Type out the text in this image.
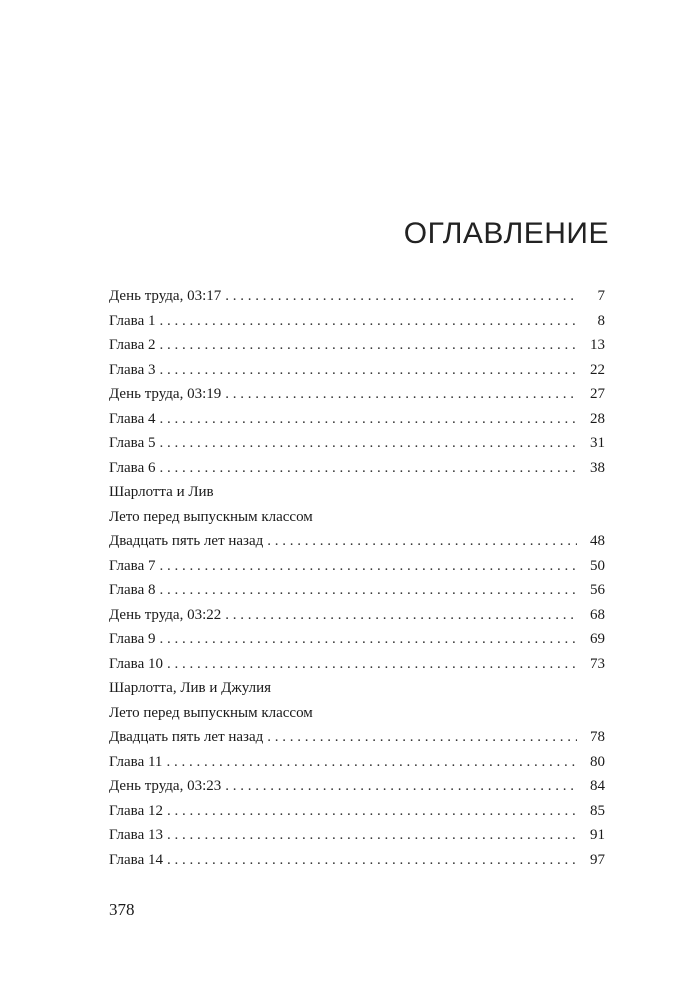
ОГЛАВЛЕНИЕ
День труда, 03:17 . . .	7
Глава 1 . . .	8
Глава 2 . . .	13
Глава 3 . . .	22
День труда, 03:19 . . .	27
Глава 4 . . .	28
Глава 5 . . .	31
Глава 6 . . .	38
Шарлотта и Лив
Лето перед выпускным классом
Двадцать пять лет назад . . .	48
Глава 7 . . .	50
Глава 8 . . .	56
День труда, 03:22 . . .	68
Глава 9 . . .	69
Глава 10 . . .	73
Шарлотта, Лив и Джулия
Лето перед выпускным классом
Двадцать пять лет назад . . .	78
Глава 11 . . .	80
День труда, 03:23 . . .	84
Глава 12 . . .	85
Глава 13 . . .	91
Глава 14 . . .	97
378
